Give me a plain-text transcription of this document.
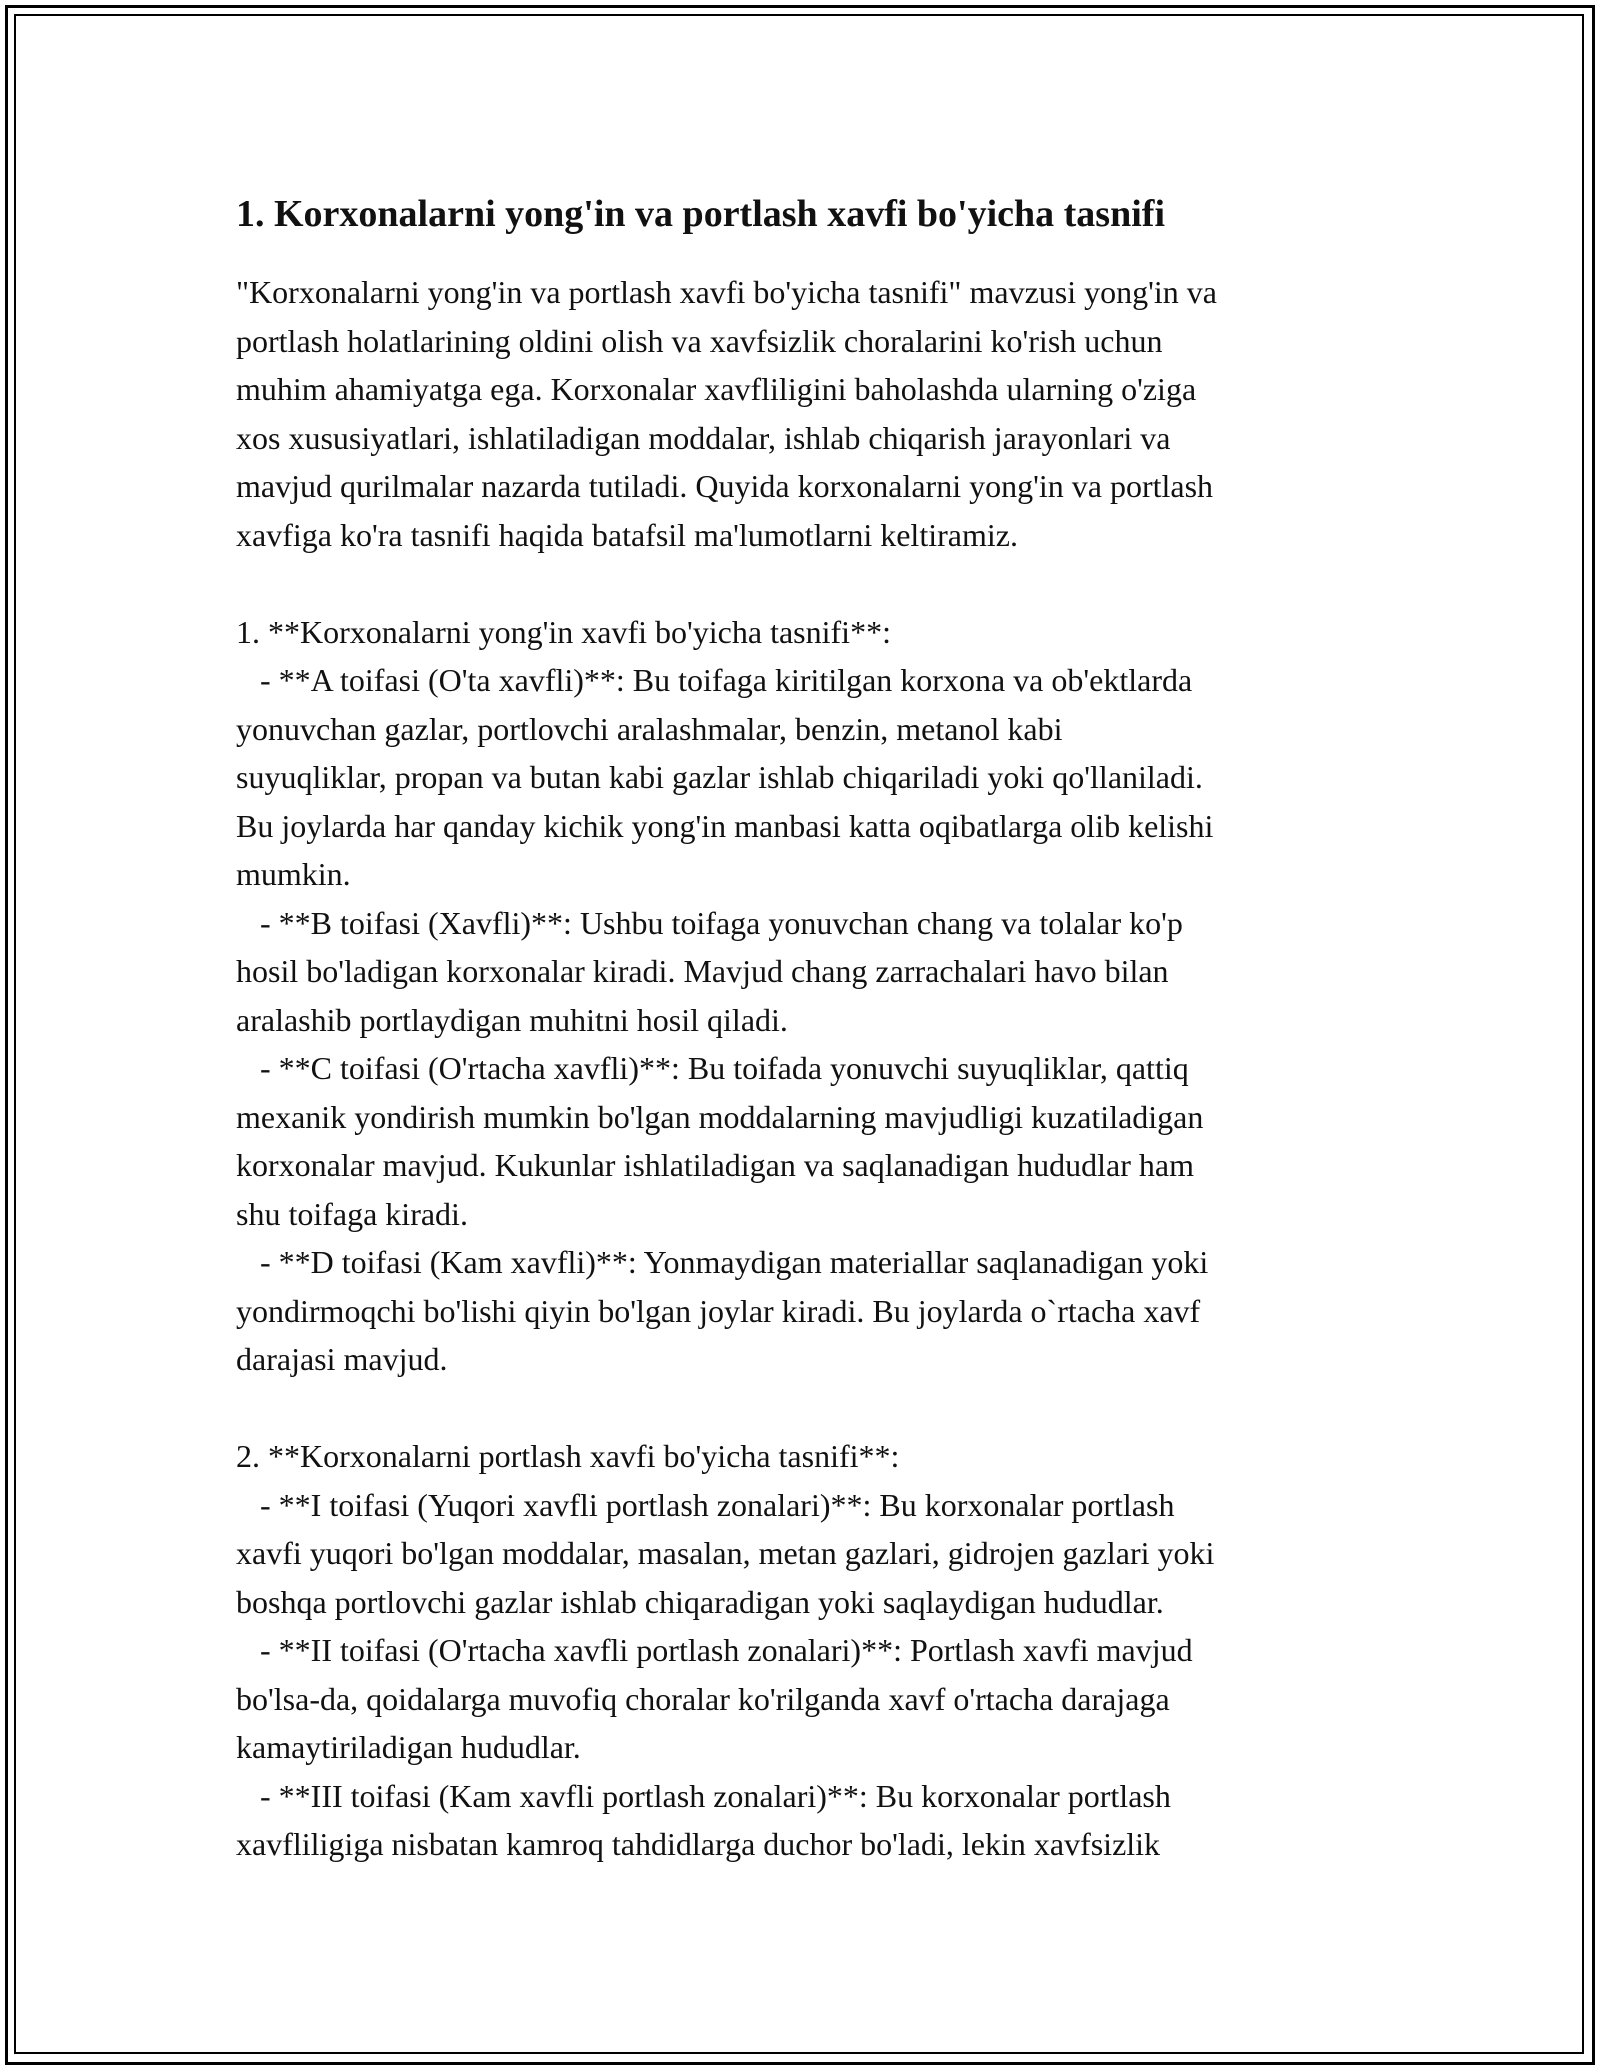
1. Korxonalarni yong'in va portlash xavfi bo'yicha tasnifi
"Korxonalarni yong'in va portlash xavfi bo'yicha tasnifi" mavzusi yong'in va
portlash holatlarining oldini olish va xavfsizlik choralarini ko'rish uchun
muhim ahamiyatga ega. Korxonalar xavfliligini baholashda ularning o'ziga
xos xususiyatlari, ishlatiladigan moddalar, ishlab chiqarish jarayonlari va
mavjud qurilmalar nazarda tutiladi. Quyida korxonalarni yong'in va portlash
xavfiga ko'ra tasnifi haqida batafsil ma'lumotlarni keltiramiz.
1. **Korxonalarni yong'in xavfi bo'yicha tasnifi**:
- **A toifasi (O'ta xavfli)**: Bu toifaga kiritilgan korxona va ob'ektlarda
yonuvchan gazlar, portlovchi aralashmalar, benzin, metanol kabi
suyuqliklar, propan va butan kabi gazlar ishlab chiqariladi yoki qo'llaniladi.
Bu joylarda har qanday kichik yong'in manbasi katta oqibatlarga olib kelishi
mumkin.
- **B toifasi (Xavfli)**: Ushbu toifaga yonuvchan chang va tolalar ko'p
hosil bo'ladigan korxonalar kiradi. Mavjud chang zarrachalari havo bilan
aralashib portlaydigan muhitni hosil qiladi.
- **C toifasi (O'rtacha xavfli)**: Bu toifada yonuvchi suyuqliklar, qattiq
mexanik yondirish mumkin bo'lgan moddalarning mavjudligi kuzatiladigan
korxonalar mavjud. Kukunlar ishlatiladigan va saqlanadigan hududlar ham
shu toifaga kiradi.
- **D toifasi (Kam xavfli)**: Yonmaydigan materiallar saqlanadigan yoki
yondirmoqchi bo'lishi qiyin bo'lgan joylar kiradi. Bu joylarda o`rtacha xavf
darajasi mavjud.
2. **Korxonalarni portlash xavfi bo'yicha tasnifi**:
- **I toifasi (Yuqori xavfli portlash zonalari)**: Bu korxonalar portlash
xavfi yuqori bo'lgan moddalar, masalan, metan gazlari, gidrojen gazlari yoki
boshqa portlovchi gazlar ishlab chiqaradigan yoki saqlaydigan hududlar.
- **II toifasi (O'rtacha xavfli portlash zonalari)**: Portlash xavfi mavjud
bo'lsa-da, qoidalarga muvofiq choralar ko'rilganda xavf o'rtacha darajaga
kamaytiriladigan hududlar.
- **III toifasi (Kam xavfli portlash zonalari)**: Bu korxonalar portlash
xavfliligiga nisbatan kamroq tahdidlarga duchor bo'ladi, lekin xavfsizlik
